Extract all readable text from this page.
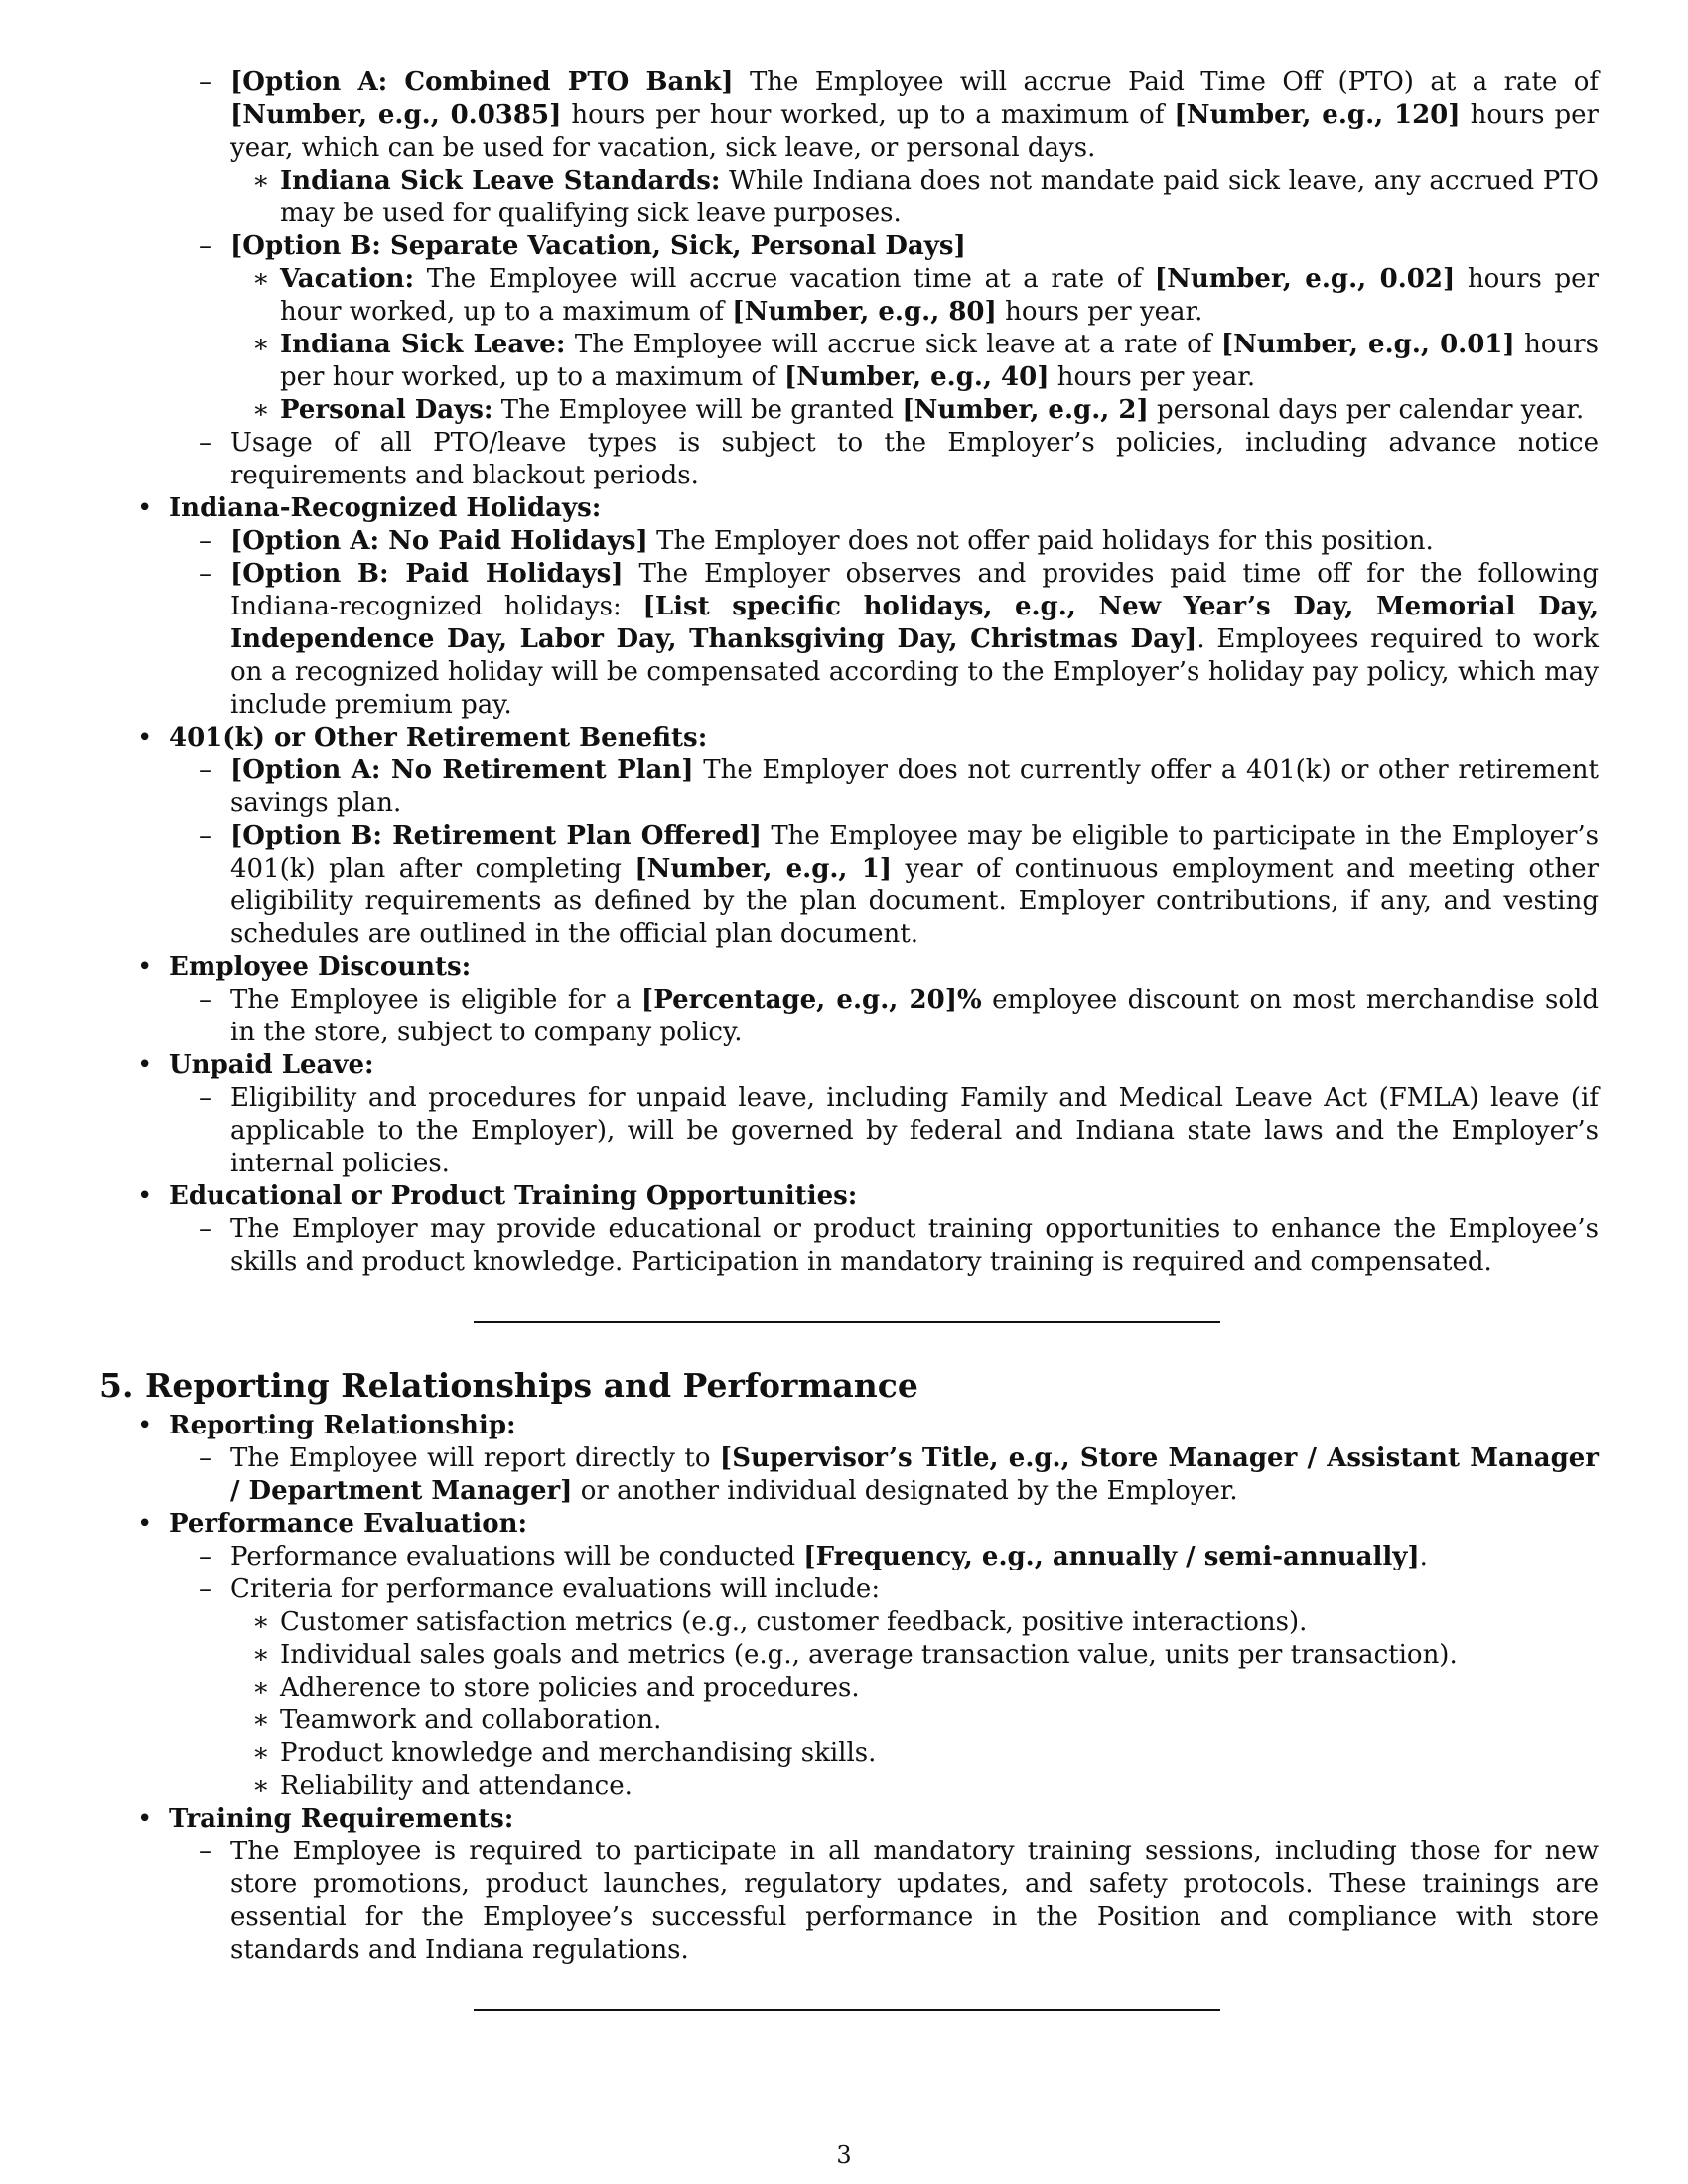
–
[Option A: Combined PTO Bank] The Employee will accrue Paid Time Off (PTO) at a rate of [Number, e.g., 0.0385] hours per hour worked, up to a maximum of [Number, e.g., 120] hours per year, which can be used for vacation, sick leave, or personal days.
∗
Indiana Sick Leave Standards: While Indiana does not mandate paid sick leave, any accrued PTO may be used for qualifying sick leave purposes.
–
[Option B: Separate Vacation, Sick, Personal Days]
∗
Vacation: The Employee will accrue vacation time at a rate of [Number, e.g., 0.02] hours per hour worked, up to a maximum of [Number, e.g., 80] hours per year.
∗
Indiana Sick Leave: The Employee will accrue sick leave at a rate of [Number, e.g., 0.01] hours per hour worked, up to a maximum of [Number, e.g., 40] hours per year.
∗
Personal Days: The Employee will be granted [Number, e.g., 2] personal days per calendar year.
–
Usage of all PTO/leave types is subject to the Employer’s policies, including advance notice requirements and blackout periods.
•
Indiana-Recognized Holidays:
–
[Option A: No Paid Holidays] The Employer does not offer paid holidays for this position.
–
[Option B: Paid Holidays] The Employer observes and provides paid time off for the following Indiana-recognized holidays: [List specific holidays, e.g., New Year’s Day, Memorial Day, Independence Day, Labor Day, Thanksgiving Day, Christmas Day]. Employees required to work on a recognized holiday will be compensated according to the Employer’s holiday pay policy, which may include premium pay.
•
401(k) or Other Retirement Benefits:
–
[Option A: No Retirement Plan] The Employer does not currently offer a 401(k) or other retirement savings plan.
–
[Option B: Retirement Plan Offered] The Employee may be eligible to participate in the Employer’s 401(k) plan after completing [Number, e.g., 1] year of continuous employment and meeting other eligibility requirements as defined by the plan document. Employer contributions, if any, and vesting schedules are outlined in the official plan document.
•
Employee Discounts:
–
The Employee is eligible for a [Percentage, e.g., 20]% employee discount on most merchandise sold in the store, subject to company policy.
•
Unpaid Leave:
–
Eligibility and procedures for unpaid leave, including Family and Medical Leave Act (FMLA) leave (if applicable to the Employer), will be governed by federal and Indiana state laws and the Employer’s internal policies.
•
Educational or Product Training Opportunities:
–
The Employer may provide educational or product training opportunities to enhance the Employee’s skills and product knowledge. Participation in mandatory training is required and compensated.
5. Reporting Relationships and Performance
•
Reporting Relationship:
–
The Employee will report directly to [Supervisor’s Title, e.g., Store Manager / Assistant Manager / Department Manager] or another individual designated by the Employer.
•
Performance Evaluation:
–
Performance evaluations will be conducted [Frequency, e.g., annually / semi-annually].
–
Criteria for performance evaluations will include:
∗
Customer satisfaction metrics (e.g., customer feedback, positive interactions).
∗
Individual sales goals and metrics (e.g., average transaction value, units per transaction).
∗
Adherence to store policies and procedures.
∗
Teamwork and collaboration.
∗
Product knowledge and merchandising skills.
∗
Reliability and attendance.
•
Training Requirements:
–
The Employee is required to participate in all mandatory training sessions, including those for new store promotions, product launches, regulatory updates, and safety protocols. These trainings are essential for the Employee’s successful performance in the Position and compliance with store standards and Indiana regulations.
3
